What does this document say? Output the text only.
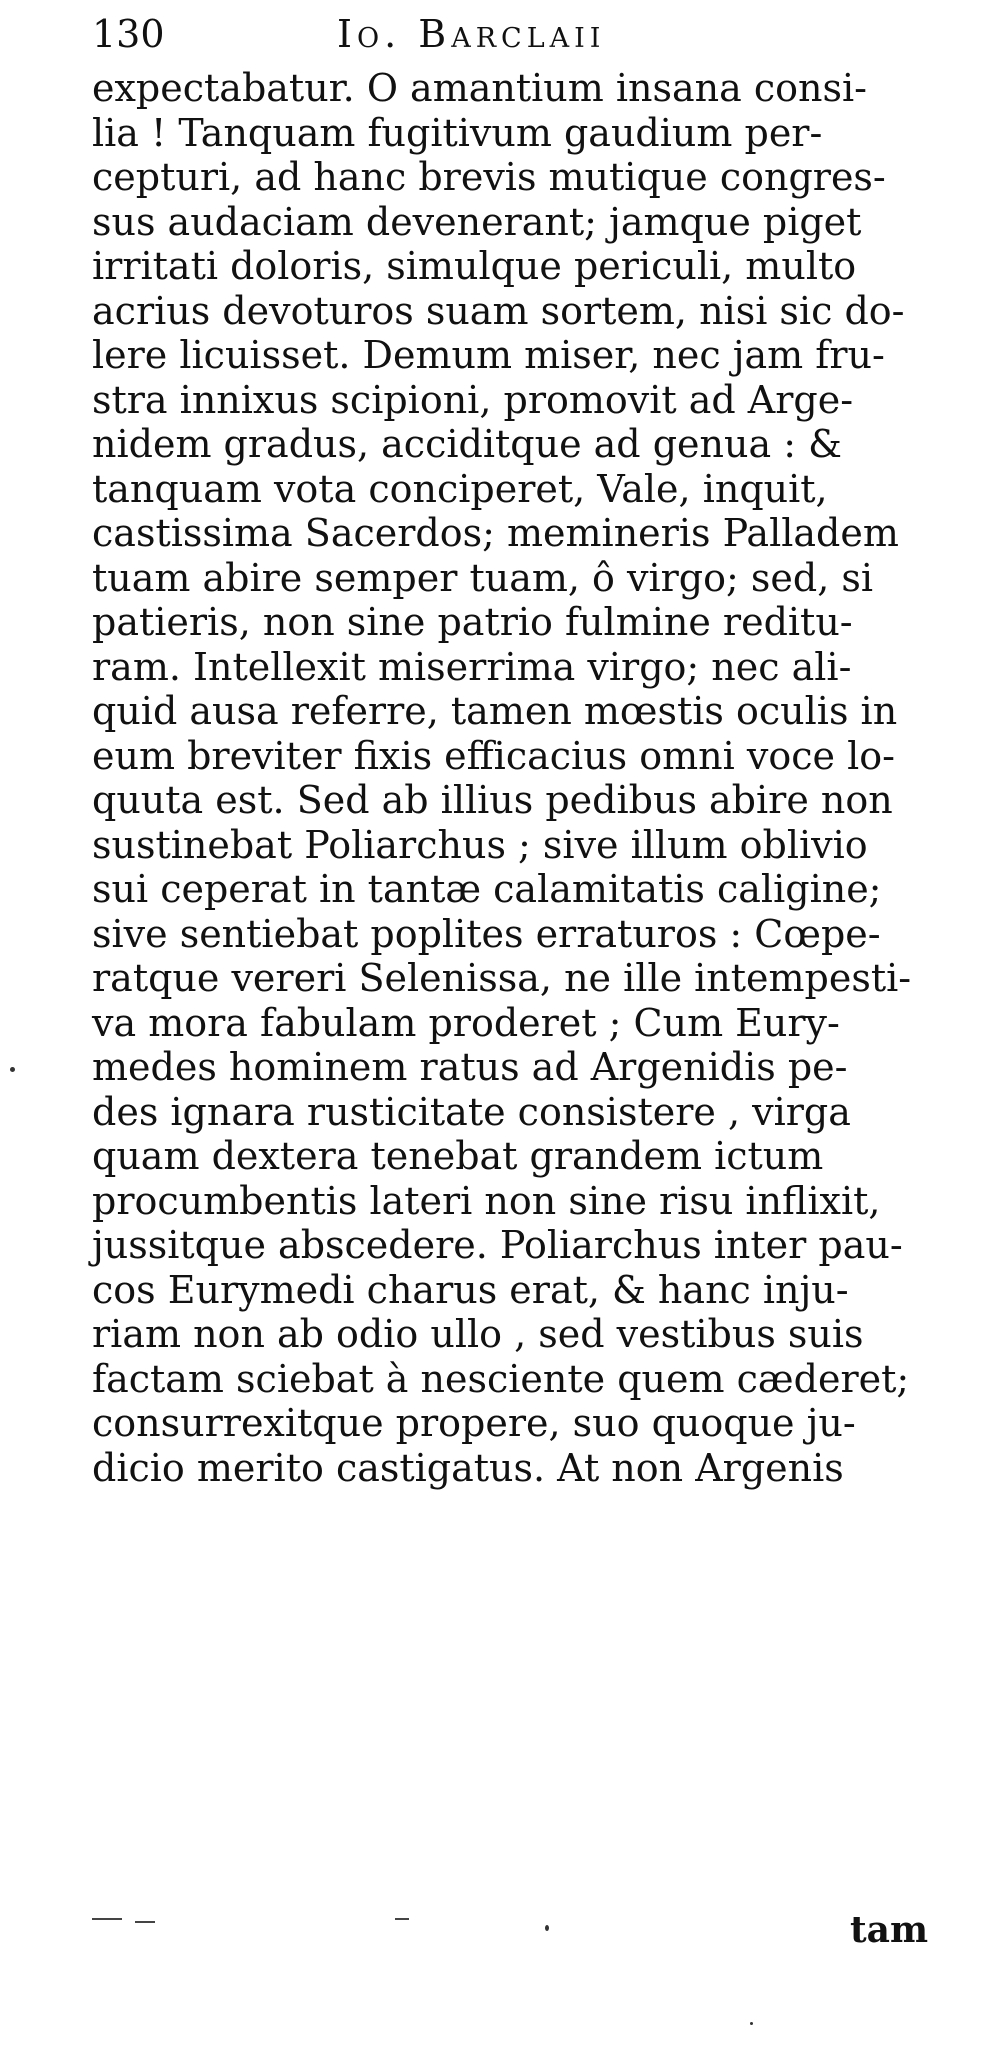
130	Io. Barclaii
expectabatur. O amantium insana consi-
lia ! Tanquam fugitivum gaudium per-
cepturi, ad hanc brevis mutique congres-
sus audaciam devenerant; jamque piget
irritati doloris, simulque periculi, multo
acrius devoturos suam sortem, nisi sic do-
lere licuisset. Demum miser, nec jam fru-
stra innixus scipioni, promovit ad Arge-
nidem gradus, acciditque ad genua : &
tanquam vota conciperet, Vale, inquit,
castissima Sacerdos; memineris Palladem
tuam abire semper tuam, ô virgo; sed, si
patieris, non sine patrio fulmine reditu-
ram. Intellexit miserrima virgo; nec ali-
quid ausa referre, tamen mœstis oculis in
eum breviter fixis efficacius omni voce lo-
quuta est. Sed ab illius pedibus abire non
sustinebat Poliarchus ; sive illum oblivio
sui ceperat in tantæ calamitatis caligine;
sive sentiebat poplites erraturos : Cœpe-
ratque vereri Selenissa, ne ille intempesti-
va mora fabulam proderet ; Cum Eury-
medes hominem ratus ad Argenidis pe-
des ignara rusticitate consistere , virga
quam dextera tenebat grandem ictum
procumbentis lateri non sine risu inflixit,
jussitque abscedere. Poliarchus inter pau-
cos Eurymedi charus erat, & hanc inju-
riam non ab odio ullo , sed vestibus suis
factam sciebat à nesciente quem cæderet;
consurrexitque propere, suo quoque ju-
dicio merito castigatus. At non Argenis
tam
